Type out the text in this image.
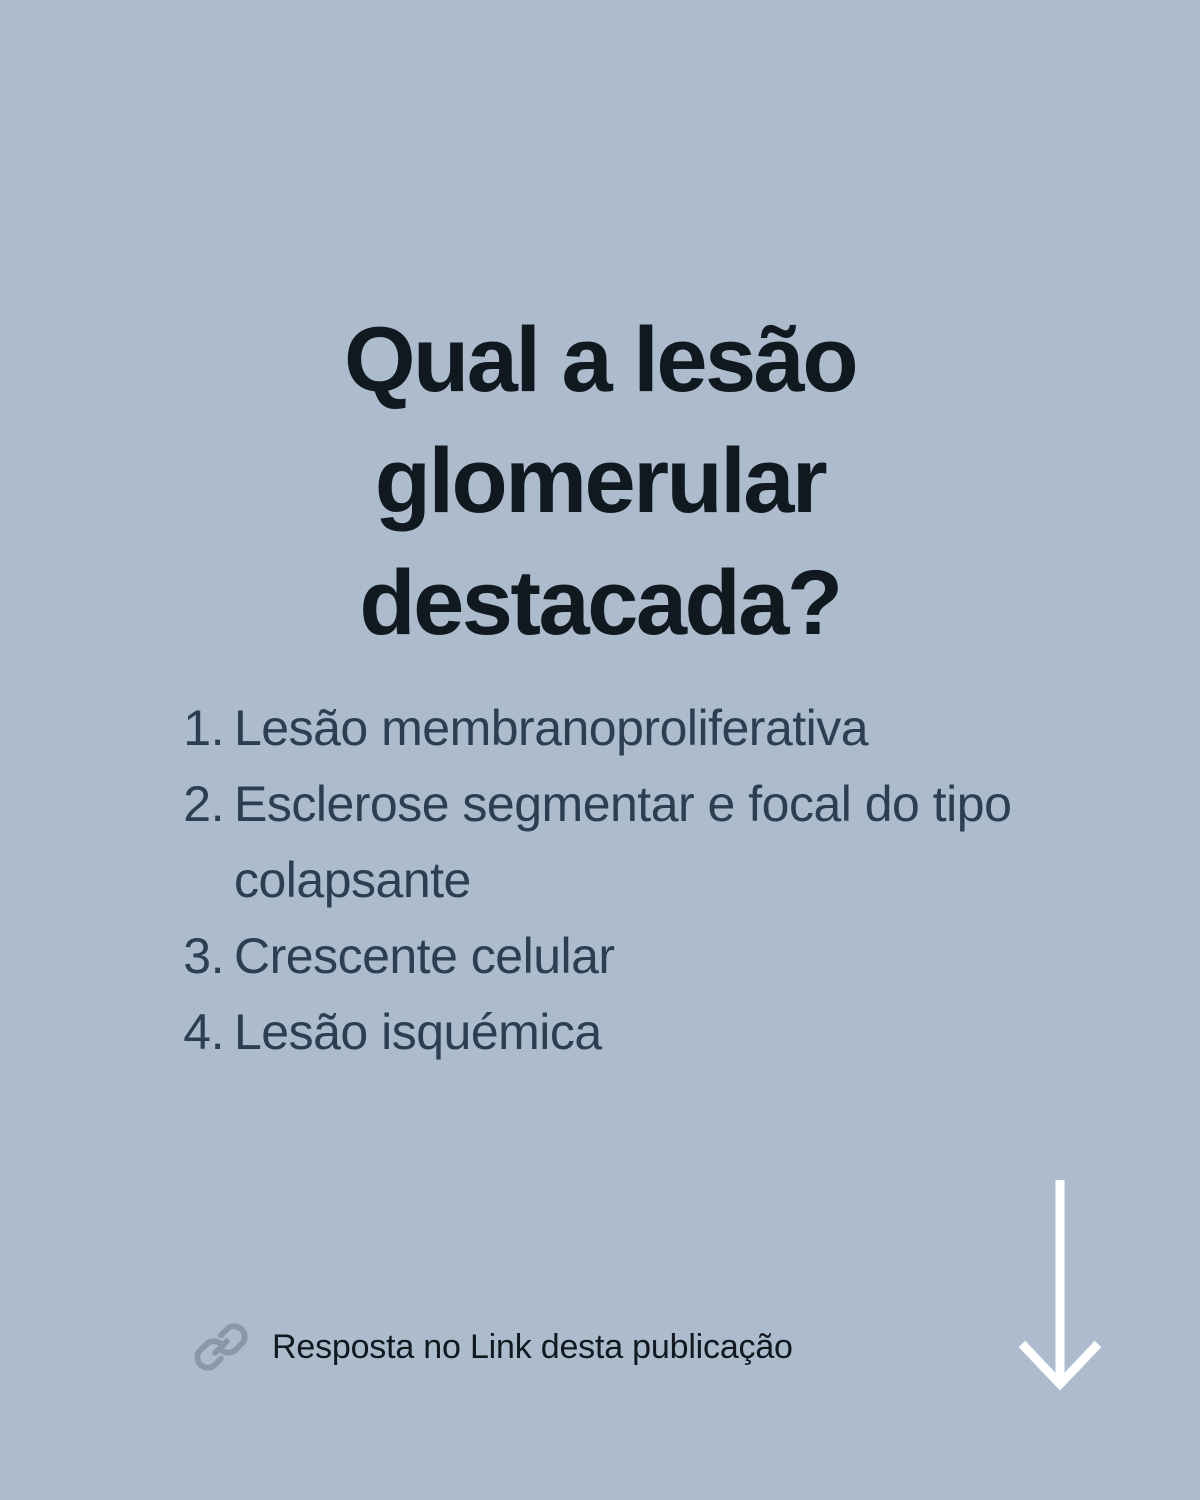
Qual a lesão
glomerular
destacada?
1. Lesão membranoproliferativa
2. Esclerose segmentar e focal do tipo colapsante
3. Crescente celular
4. Lesão isquémica
Resposta no Link desta publicação
